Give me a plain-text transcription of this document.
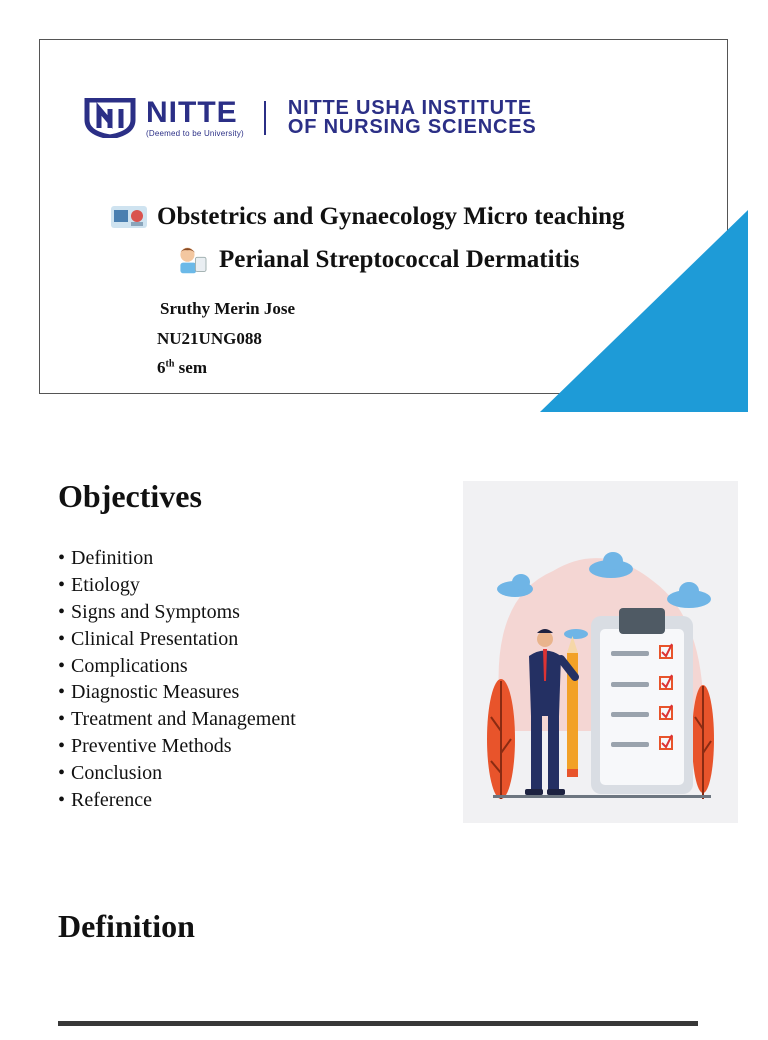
NITTE
(Deemed to be University)
NITTE USHA INSTITUTE
OF NURSING SCIENCES
Obstetrics and Gynaecology Micro teaching
Perianal Streptococcal Dermatitis
Sruthy Merin Jose
NU21UNG088
6th sem
Objectives
• Definition
• Etiology
• Signs and Symptoms
• Clinical Presentation
• Complications
• Diagnostic Measures
• Treatment and Management
• Preventive Methods
• Conclusion
• Reference
Definition
